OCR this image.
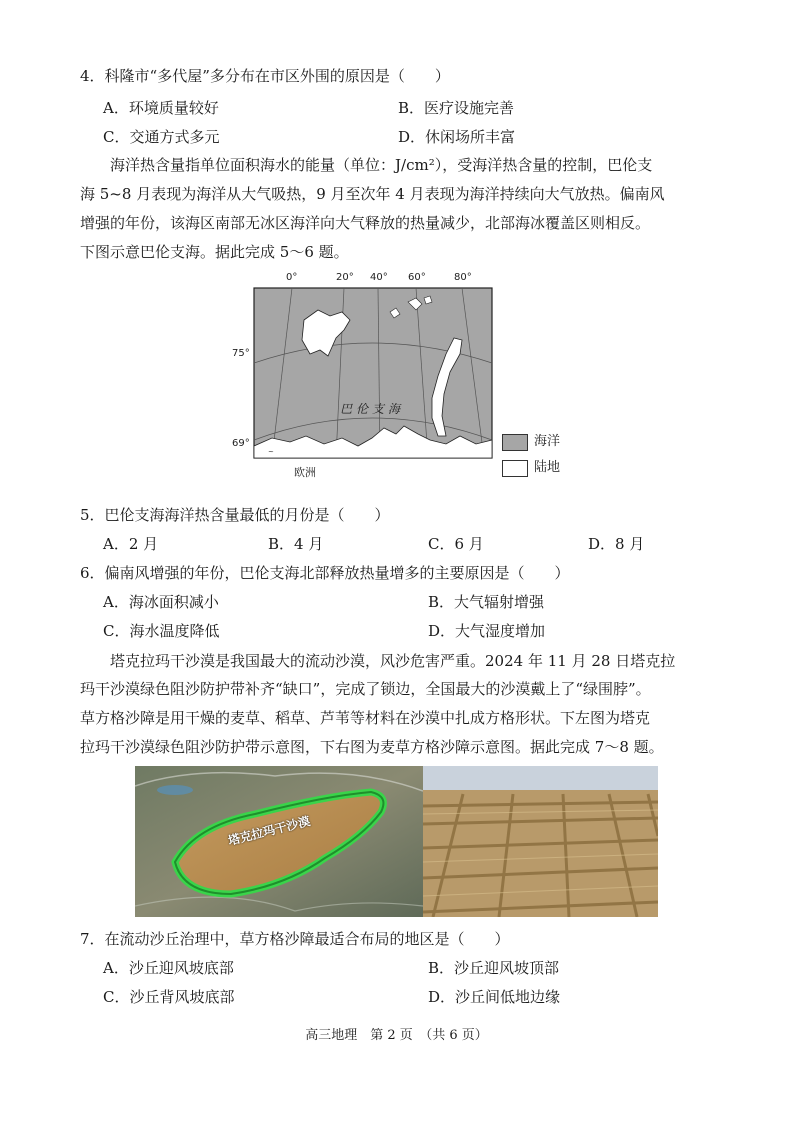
4．科隆市“多代屋”多分布在市区外围的原因是（　　）
A．环境质量较好	B．医疗设施完善
C．交通方式多元	D．休闲场所丰富
海洋热含量指单位面积海水的能量（单位：J/cm²），受海洋热含量的控制，巴伦支
海 5~8 月表现为海洋从大气吸热，9 月至次年 4 月表现为海洋持续向大气放热。偏南风
增强的年份，该海区南部无冰区海洋向大气释放的热量减少，北部海冰覆盖区则相反。
下图示意巴伦支海。据此完成 5～6 题。
~
0°	20° 40° 60°	80°
75°
69°
巴伦支海
欧洲
海洋
陆地
5．巴伦支海海洋热含量最低的月份是（　　）
A．2 月	B．4 月	C．6 月	D．8 月
6．偏南风增强的年份，巴伦支海北部释放热量增多的主要原因是（　　）
A．海冰面积减小	B．大气辐射增强
C．海水温度降低	D．大气湿度增加
塔克拉玛干沙漠是我国最大的流动沙漠，风沙危害严重。2024 年 11 月 28 日塔克拉
玛干沙漠绿色阻沙防护带补齐“缺口”，完成了锁边，全国最大的沙漠戴上了“绿围脖”。
草方格沙障是用干燥的麦草、稻草、芦苇等材料在沙漠中扎成方格形状。下左图为塔克
拉玛干沙漠绿色阻沙防护带示意图，下右图为麦草方格沙障示意图。据此完成 7～8 题。
塔克拉玛干沙漠
7．在流动沙丘治理中，草方格沙障最适合布局的地区是（　　）
A．沙丘迎风坡底部	B．沙丘迎风坡顶部
C．沙丘背风坡底部	D．沙丘间低地边缘
高三地理　第 2 页　（共 6 页）
